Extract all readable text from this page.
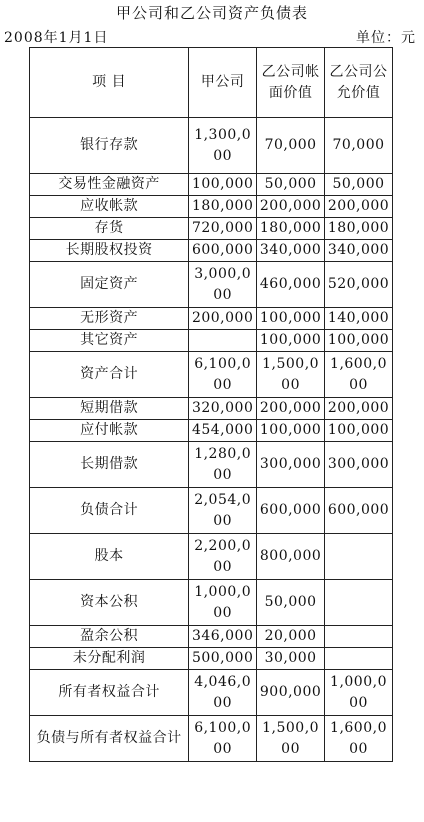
甲公司和乙公司资产负债表
2008年1月1日	单位：元
项 目	甲公司	乙公司帐面价值	乙公司公允价值
银行存款	1,300,000	70,000	70,000
交易性金融资产	100,000	50,000	50,000
应收帐款	180,000	200,000	200,000
存货	720,000	180,000	180,000
长期股权投资	600,000	340,000	340,000
固定资产	3,000,000	460,000	520,000
无形资产	200,000	100,000	140,000
其它资产		100,000	100,000
资产合计	6,100,000	1,500,000	1,600,000
短期借款	320,000	200,000	200,000
应付帐款	454,000	100,000	100,000
长期借款	1,280,000	300,000	300,000
负债合计	2,054,000	600,000	600,000
股本	2,200,000	800,000	
资本公积	1,000,000	50,000	
盈余公积	346,000	20,000	
未分配利润	500,000	30,000	
所有者权益合计	4,046,000	900,000	1,000,000
负债与所有者权益合计	6,100,000	1,500,000	1,600,000
